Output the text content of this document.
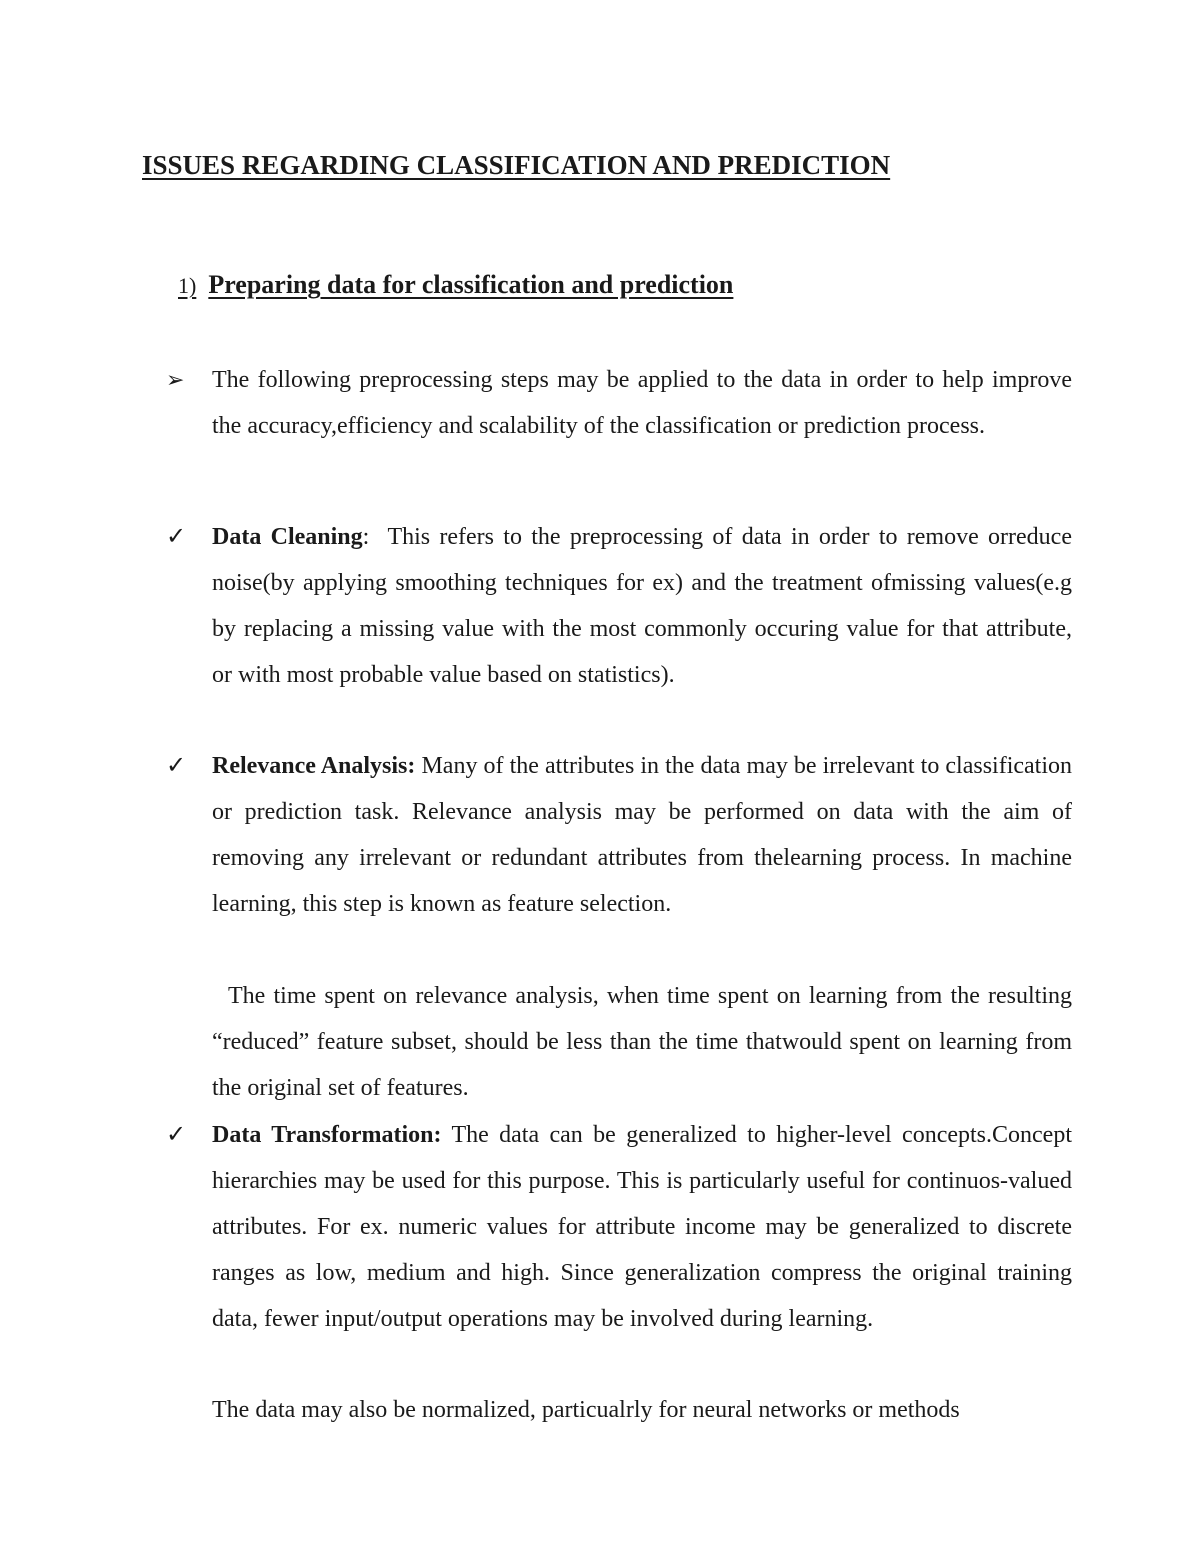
ISSUES REGARDING CLASSIFICATION AND PREDICTION
1) Preparing data for classification and prediction
➢	The following preprocessing steps may be applied to the data in order to help improve the accuracy,efficiency and scalability of the classification or prediction process.

✓	Data Cleaning: This refers to the preprocessing of data in order to remove orreduce noise(by applying smoothing techniques for ex) and the treatment ofmissing values(e.g by replacing a missing value with the most commonly occuring value for that attribute, or with most probable value based on statistics).

✓	Relevance Analysis: Many of the attributes in the data may be irrelevant to classification or prediction task. Relevance analysis may be performed on data with the aim of removing any irrelevant or redundant attributes from thelearning process. In machine learning, this step is known as feature selection.

The time spent on relevance analysis, when time spent on learning from the resulting “reduced” feature subset, should be less than the time thatwould spent on learning from the original set of features.

✓	Data Transformation: The data can be generalized to higher-level concepts.Concept hierarchies may be used for this purpose. This is particularly useful for continuos-valued attributes. For ex. numeric values for attribute income may be generalized to discrete ranges as low, medium and high. Since generalization compress the original training data, fewer input/output operations may be involved during learning.

The data may also be normalized, particualrly for neural networks or methods
